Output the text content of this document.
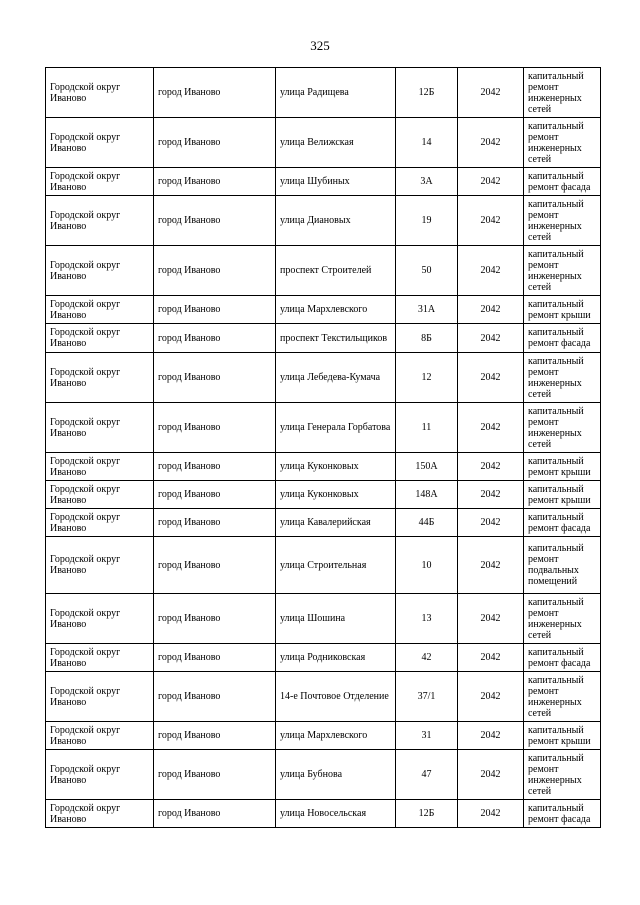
325
Городской округ Иваново	город Иваново	улица Радищева	12Б	2042	капитальный ремонт инженерных сетей
Городской округ Иваново	город Иваново	улица Велижская	14	2042	капитальный ремонт инженерных сетей
Городской округ Иваново	город Иваново	улица Шубиных	3А	2042	капитальный ремонт фасада
Городской округ Иваново	город Иваново	улица Диановых	19	2042	капитальный ремонт инженерных сетей
Городской округ Иваново	город Иваново	проспект Строителей	50	2042	капитальный ремонт инженерных сетей
Городской округ Иваново	город Иваново	улица Мархлевского	31А	2042	капитальный ремонт крыши
Городской округ Иваново	город Иваново	проспект Текстильщиков	8Б	2042	капитальный ремонт фасада
Городской округ Иваново	город Иваново	улица Лебедева-Кумача	12	2042	капитальный ремонт инженерных сетей
Городской округ Иваново	город Иваново	улица Генерала Горбатова	11	2042	капитальный ремонт инженерных сетей
Городской округ Иваново	город Иваново	улица Куконковых	150А	2042	капитальный ремонт крыши
Городской округ Иваново	город Иваново	улица Куконковых	148А	2042	капитальный ремонт крыши
Городской округ Иваново	город Иваново	улица Кавалерийская	44Б	2042	капитальный ремонт фасада
Городской округ Иваново	город Иваново	улица Строительная	10	2042	капитальный ремонт подвальных помещений
Городской округ Иваново	город Иваново	улица Шошина	13	2042	капитальный ремонт инженерных сетей
Городской округ Иваново	город Иваново	улица Родниковская	42	2042	капитальный ремонт фасада
Городской округ Иваново	город Иваново	14-е Почтовое Отделение	37/1	2042	капитальный ремонт инженерных сетей
Городской округ Иваново	город Иваново	улица Мархлевского	31	2042	капитальный ремонт крыши
Городской округ Иваново	город Иваново	улица Бубнова	47	2042	капитальный ремонт инженерных сетей
Городской округ Иваново	город Иваново	улица Новосельская	12Б	2042	капитальный ремонт фасада
